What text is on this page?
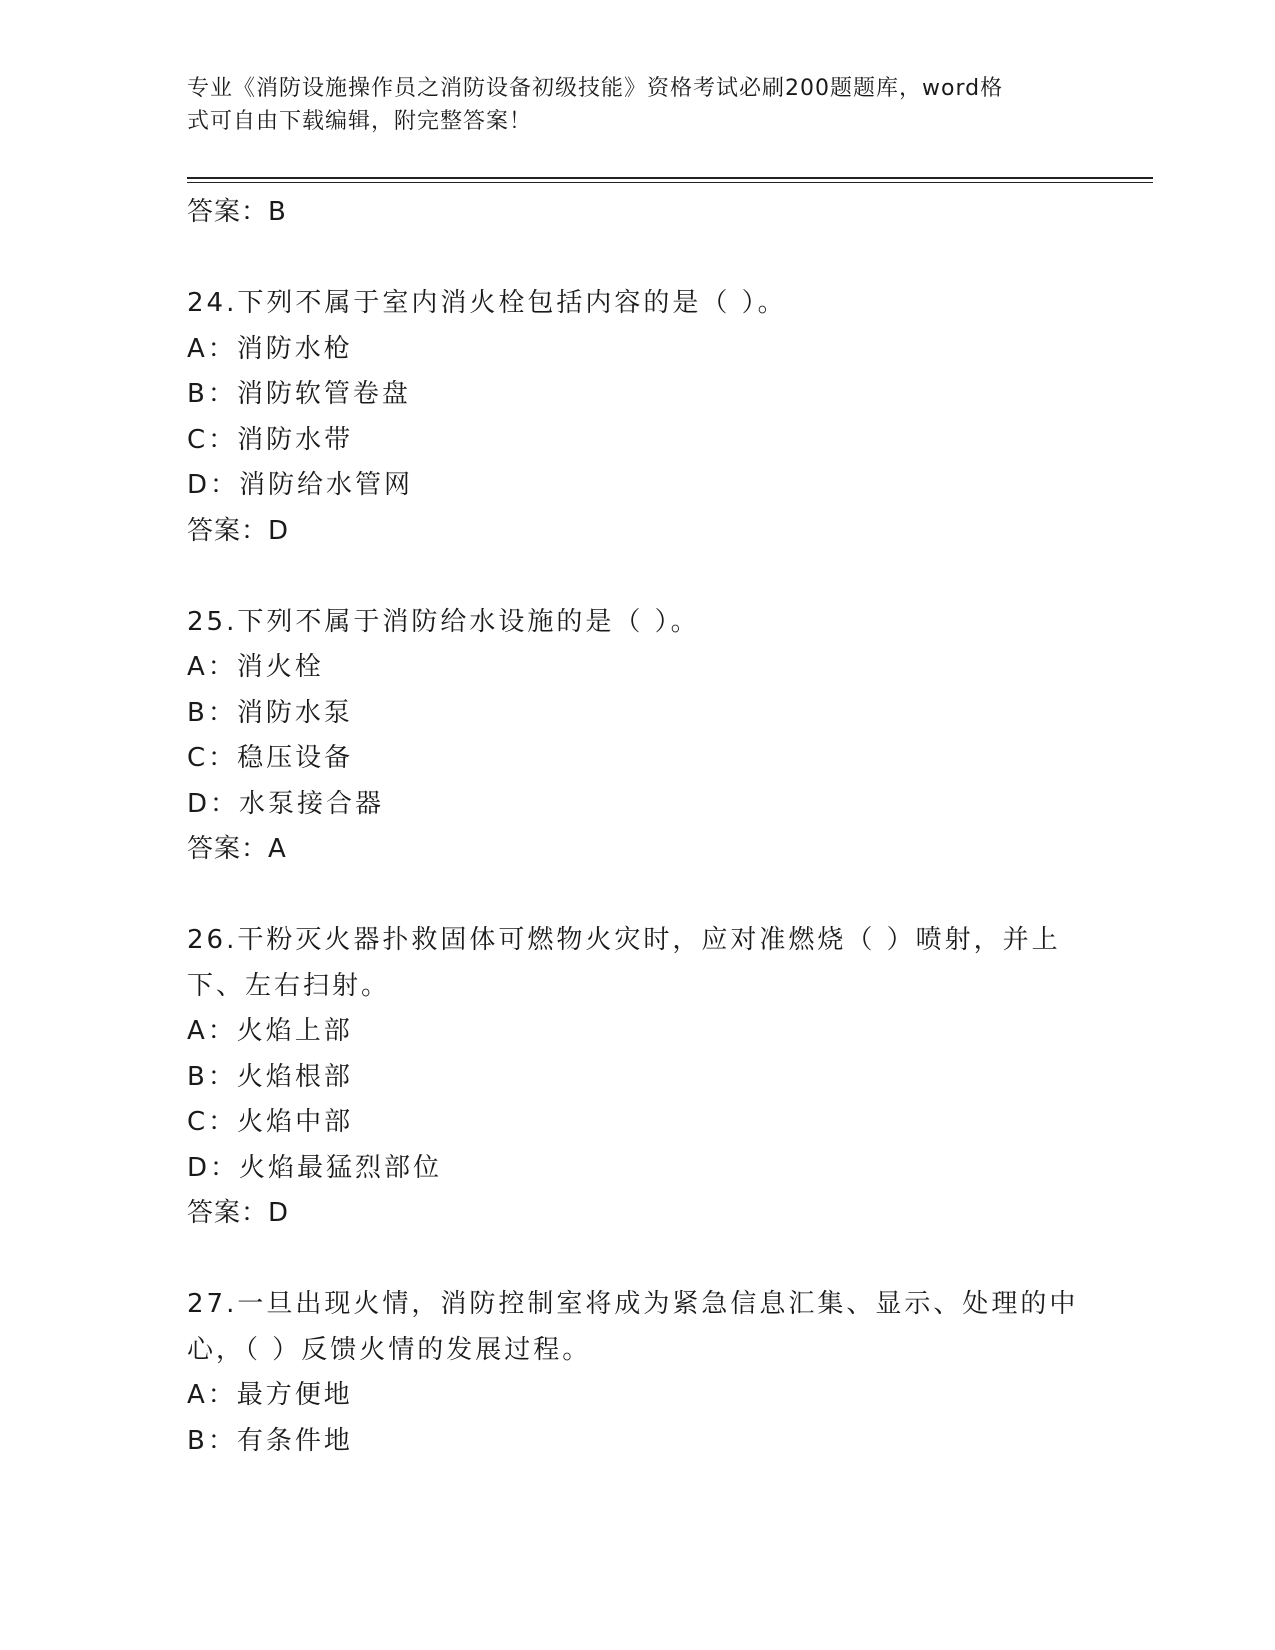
专业《消防设施操作员之消防设备初级技能》资格考试必刷200题题库，word格
式可自由下载编辑，附完整答案！
答案：B
24.下列不属于室内消火栓包括内容的是（ ）。
A：消防水枪
B：消防软管卷盘
C：消防水带
D：消防给水管网
答案：D
25.下列不属于消防给水设施的是（ ）。
A：消火栓
B：消防水泵
C：稳压设备
D：水泵接合器
答案：A
26.干粉灭火器扑救固体可燃物火灾时，应对准燃烧（ ）喷射，并上
下、左右扫射。
A：火焰上部
B：火焰根部
C：火焰中部
D：火焰最猛烈部位
答案：D
27.一旦出现火情，消防控制室将成为紧急信息汇集、显示、处理的中
心，（ ）反馈火情的发展过程。
A：最方便地
B：有条件地
